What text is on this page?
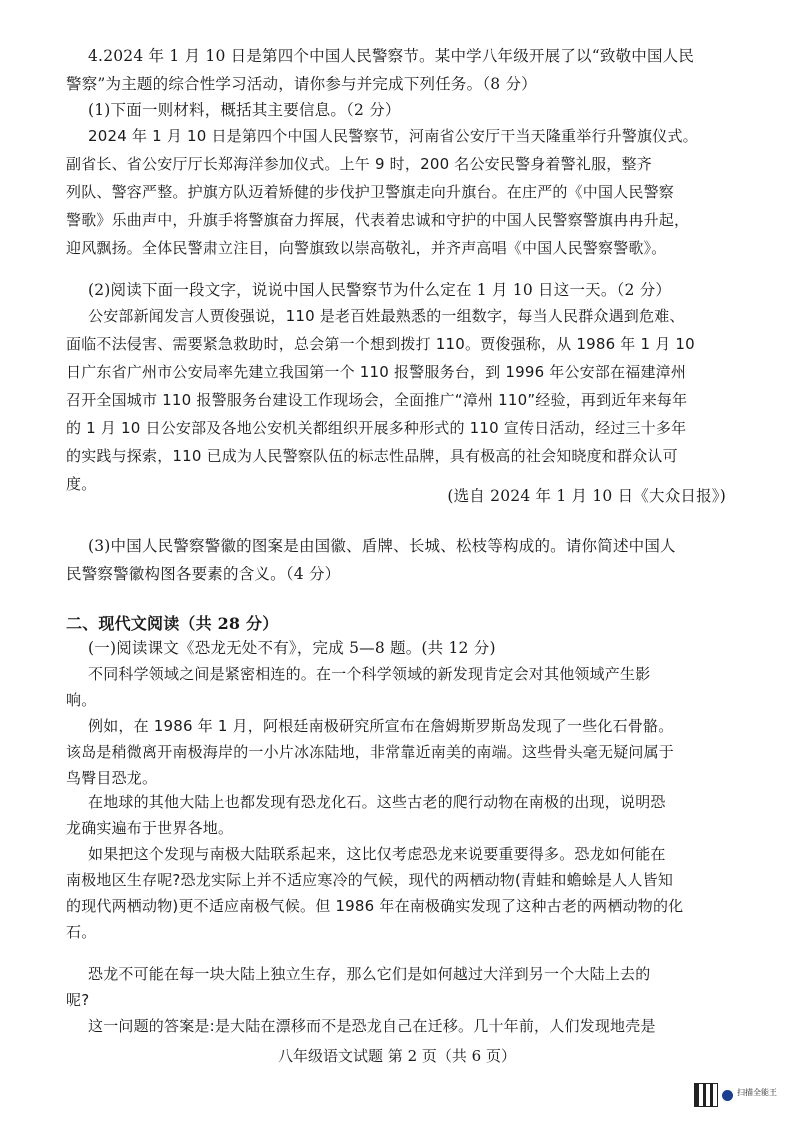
4.2024 年 1 月 10 日是第四个中国人民警察节。某中学八年级开展了以“致敬中国人民
警察”为主题的综合性学习活动，请你参与并完成下列任务。（8 分）
(1)下面一则材料，概括其主要信息。（2 分）
2024 年 1 月 10 日是第四个中国人民警察节，河南省公安厅干当天隆重举行升警旗仪式。
副省长、省公安厅厅长郑海洋参加仪式。上午 9 时，200 名公安民警身着警礼服，整齐
列队、警容严整。护旗方队迈着矫健的步伐护卫警旗走向升旗台。在庄严的《中国人民警察
警歌》乐曲声中，升旗手将警旗奋力挥展，代表着忠诚和守护的中国人民警察警旗冉冉升起，
迎风飘扬。全体民警肃立注目，向警旗致以崇高敬礼，并齐声高唱《中国人民警察警歌》。
(2)阅读下面一段文字，说说中国人民警察节为什么定在 1 月 10 日这一天。（2 分）
公安部新闻发言人贾俊强说，110 是老百姓最熟悉的一组数字，每当人民群众遇到危难、
面临不法侵害、需要紧急救助时，总会第一个想到拨打 110。贾俊强称，从 1986 年 1 月 10
日广东省广州市公安局率先建立我国第一个 110 报警服务台，到 1996 年公安部在福建漳州
召开全国城市 110 报警服务台建设工作现场会，全面推广“漳州 110”经验，再到近年来每年
的 1 月 10 日公安部及各地公安机关都组织开展多种形式的 110 宣传日活动，经过三十多年
的实践与探索，110 已成为人民警察队伍的标志性品牌，具有极高的社会知晓度和群众认可
度。
(选自 2024 年 1 月 10 日《大众日报》)
(3)中国人民警察警徽的图案是由国徽、盾牌、长城、松枝等构成的。请你简述中国人
民警察警徽构图各要素的含义。（4 分）
二、现代文阅读（共 28 分）
(一)阅读课文《恐龙无处不有》，完成 5—8 题。(共 12 分)
不同科学领域之间是紧密相连的。在一个科学领域的新发现肯定会对其他领域产生影
响。
例如，在 1986 年 1 月，阿根廷南极研究所宣布在詹姆斯罗斯岛发现了一些化石骨骼。
该岛是稍微离开南极海岸的一小片冰冻陆地，非常靠近南美的南端。这些骨头毫无疑问属于
鸟臀目恐龙。
在地球的其他大陆上也都发现有恐龙化石。这些古老的爬行动物在南极的出现，说明恐
龙确实遍布于世界各地。
如果把这个发现与南极大陆联系起来，这比仅考虑恐龙来说要重要得多。恐龙如何能在
南极地区生存呢?恐龙实际上并不适应寒冷的气候，现代的两栖动物(青蛙和蟾蜍是人人皆知
的现代两栖动物)更不适应南极气候。但 1986 年在南极确实发现了这种古老的两栖动物的化
石。
恐龙不可能在每一块大陆上独立生存，那么它们是如何越过大洋到另一个大陆上去的
呢?
这一问题的答案是:是大陆在漂移而不是恐龙自己在迁移。几十年前，人们发现地壳是
八年级语文试题 第 2 页（共 6 页）
扫描全能王
